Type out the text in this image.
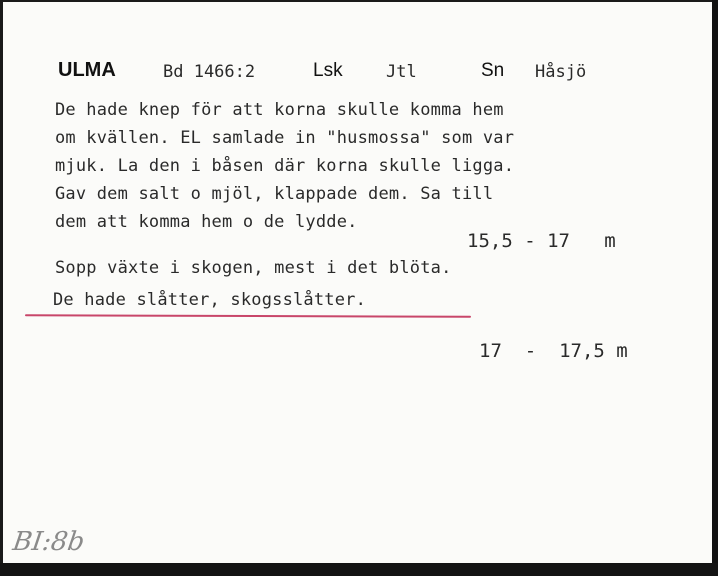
ULMA	Bd 1466:2	Lsk	Jtl	Sn Håsjö
De hade knep för att korna skulle komma hem
om kvällen. EL samlade in "husmossa" som var
mjuk. La den i båsen där korna skulle ligga.
Gav dem salt o mjöl, klappade dem. Sa till
dem att komma hem o de lydde.
15,5 - 17   m
Sopp växte i skogen, mest i det blöta.
De hade slåtter, skogsslåtter.
17  -  17,5 m
BI:8b
